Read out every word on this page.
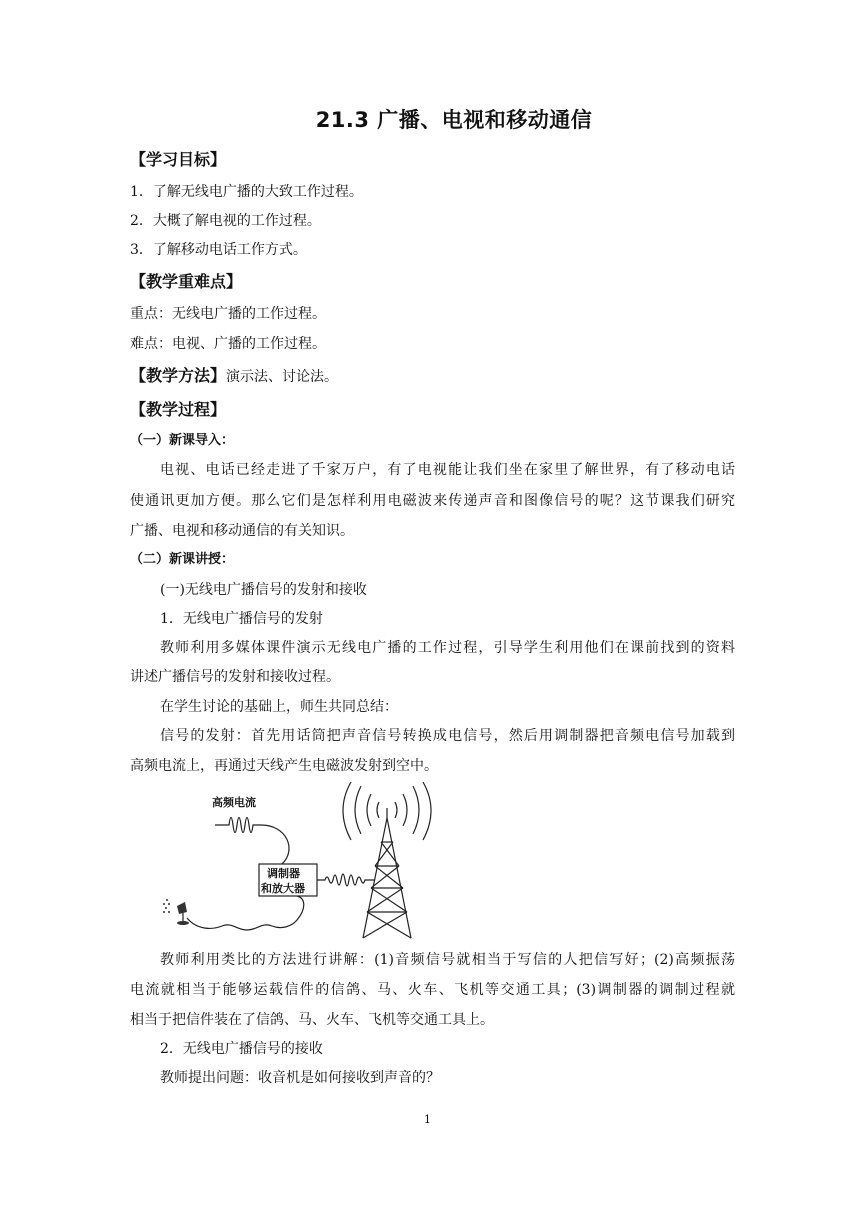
21.3 广播、电视和移动通信
【学习目标】
1．了解无线电广播的大致工作过程。
2．大概了解电视的工作过程。
3．了解移动电话工作方式。
【教学重难点】
重点：无线电广播的工作过程。
难点：电视、广播的工作过程。
【教学方法】演示法、讨论法。
【教学过程】
（一）新课导入：
电视、电话已经走进了千家万户，有了电视能让我们坐在家里了解世界，有了移动电话
使通讯更加方便。那么它们是怎样利用电磁波来传递声音和图像信号的呢？这节课我们研究
广播、电视和移动通信的有关知识。
（二）新课讲授：
(一)无线电广播信号的发射和接收
1．无线电广播信号的发射
教师利用多媒体课件演示无线电广播的工作过程，引导学生利用他们在课前找到的资料
讲述广播信号的发射和接收过程。
在学生讨论的基础上，师生共同总结：
信号的发射：首先用话筒把声音信号转换成电信号，然后用调制器把音频电信号加载到
高频电流上，再通过天线产生电磁波发射到空中。
高频电流
调制器
和放大器
教师利用类比的方法进行讲解：(1)音频信号就相当于写信的人把信写好；(2)高频振荡
电流就相当于能够运载信件的信鸽、马、火车、飞机等交通工具；(3)调制器的调制过程就
相当于把信件装在了信鸽、马、火车、飞机等交通工具上。
2．无线电广播信号的接收
教师提出问题：收音机是如何接收到声音的？
1
